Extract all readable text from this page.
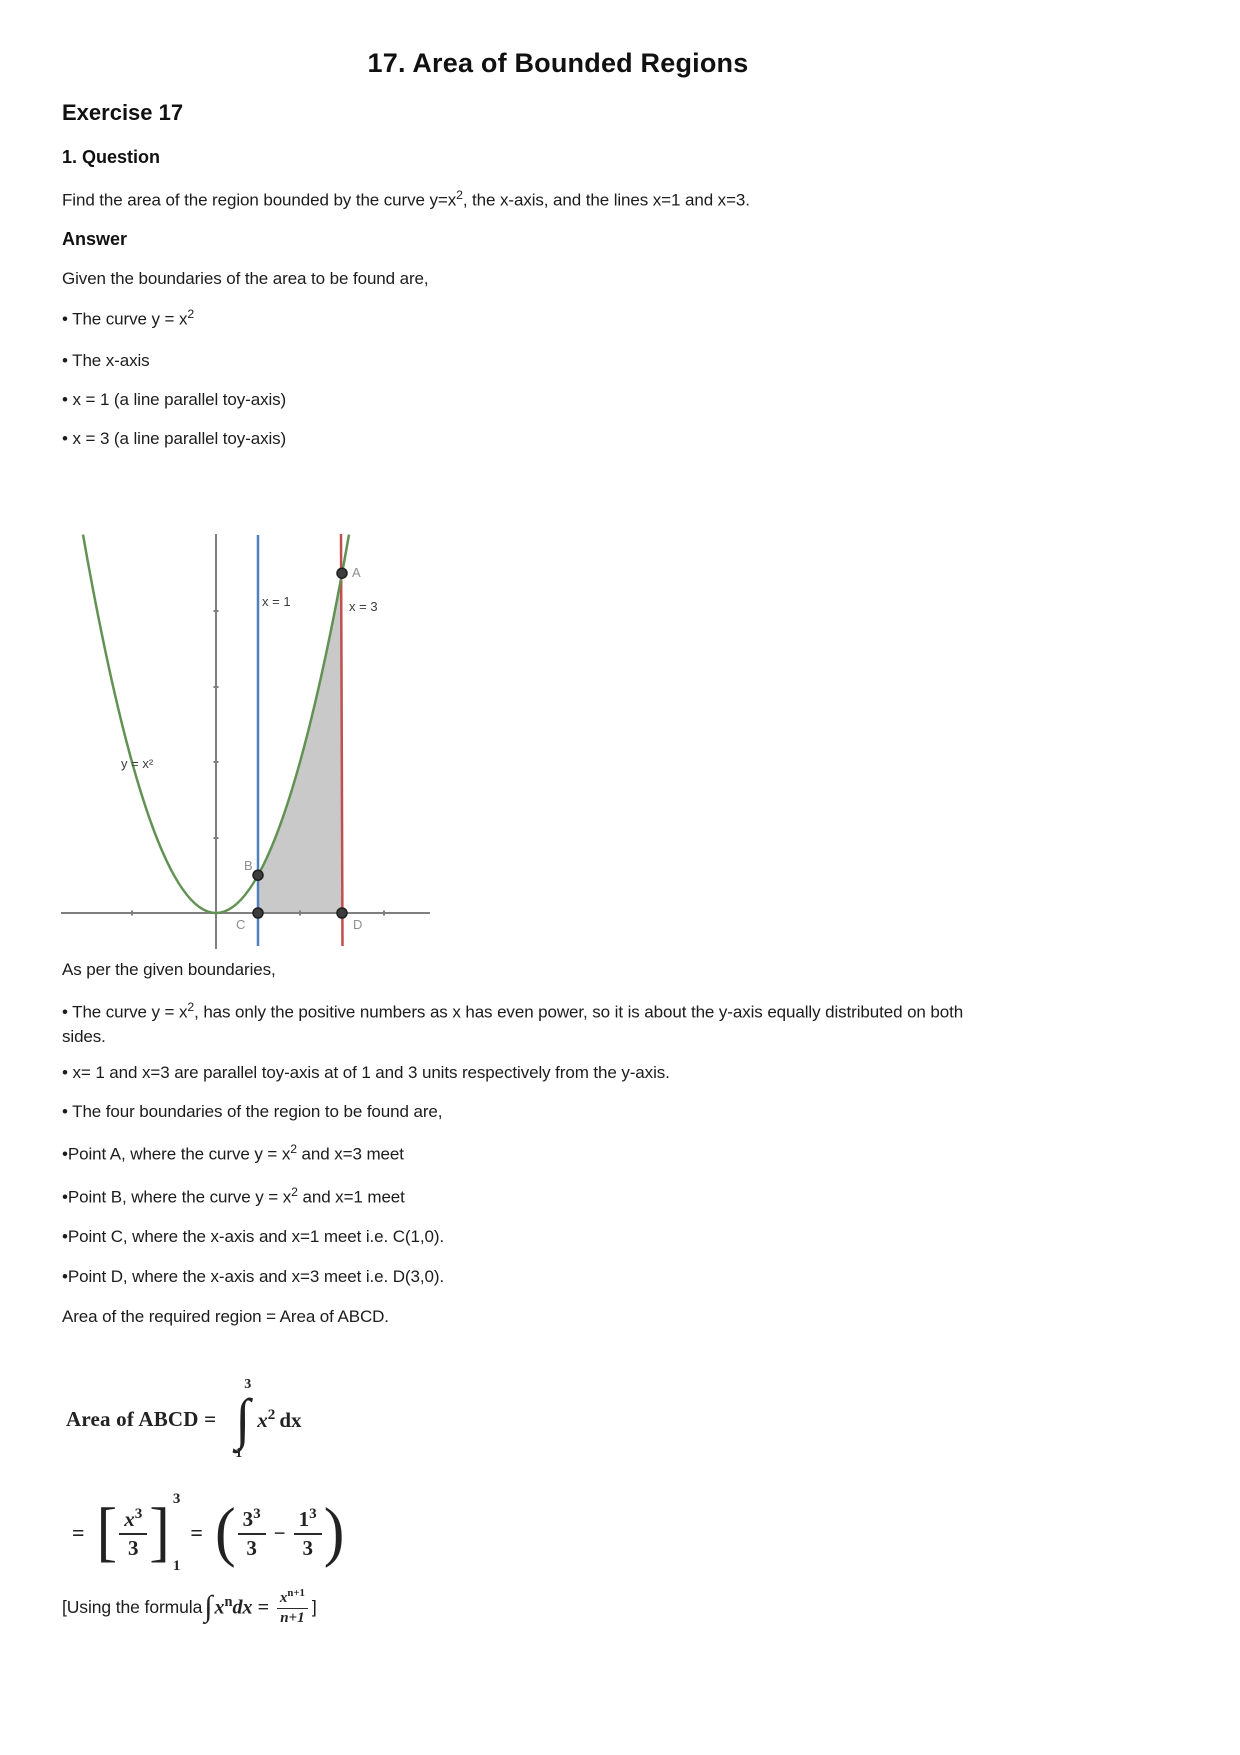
17. Area of Bounded Regions
Exercise 17
1. Question
Find the area of the region bounded by the curve $y=x^2$, the x-axis, and the lines x=1 and x=3.
Answer
Given the boundaries of the area to be found are,
• The curve $y = x^2$
• The x-axis
• x = 1 (a line parallel toy-axis)
• x = 3 (a line parallel toy-axis)
A
B
C	D
x = 1	x = 3
y = x²
As per the given boundaries,
• The curve $y = x^2$, has only the positive numbers as x has even power, so it is about the y-axis equally distributed on both sides.
• x= 1 and x=3 are parallel toy-axis at of 1 and 3 units respectively from the y-axis.
• The four boundaries of the region to be found are,
•Point A, where the curve $y = x^2$ and x=3 meet
•Point B, where the curve $y = x^2$ and x=1 meet
•Point C, where the x-axis and x=1 meet i.e. C(1,0).
•Point D, where the x-axis and x=3 meet i.e. D(3,0).
Area of the required region = Area of ABCD.
Area of ABCD =
3
∫
1
$x^2$ dx
= [ $\frac{x^3}{3}$ ] 3
1
= ( $\frac{3^3}{3} - \frac{1^3}{3}$ )
[Using the formula ∫ $x^ndx = \frac{x^{n+1}}{n+1}$ ]
